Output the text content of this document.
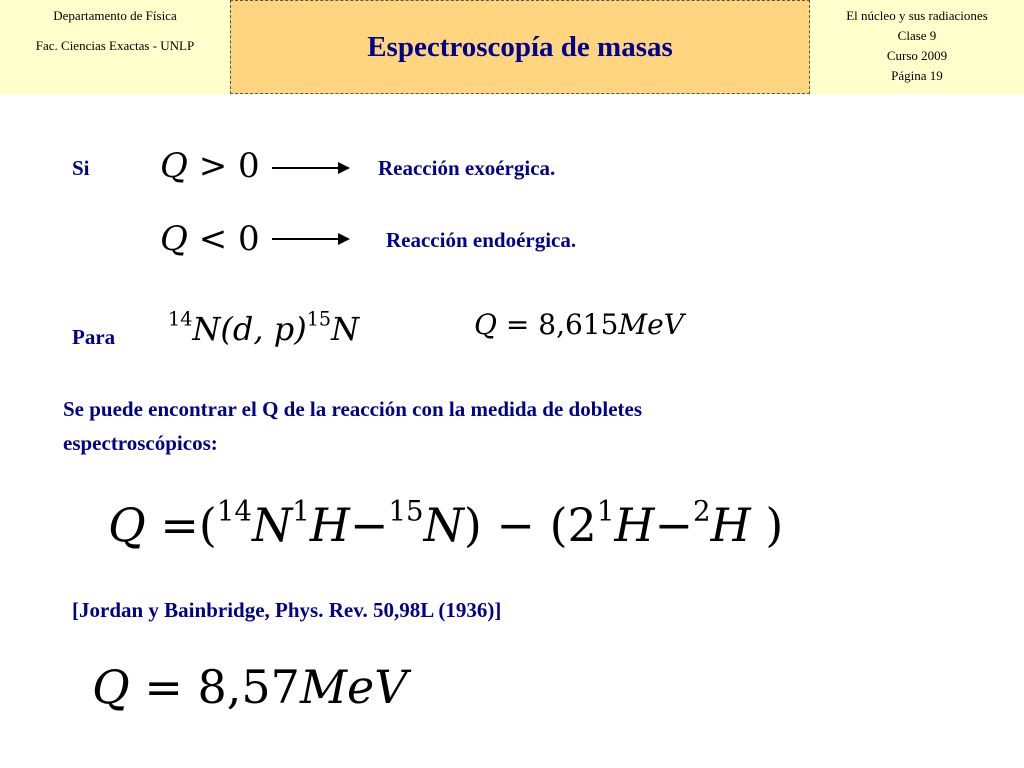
Departamento de Física
Fac. Ciencias Exactas - UNLP	Espectroscopía de masas
El núcleo y sus radiaciones
Clase 9
Curso 2009
Página 19
Si Q > 0	Reacción exoérgica.
Q < 0	Reacción endoérgica.
Para
$^{14}$N(d, p)$^{15}$N	Q = 8,615MeV
Se puede encontrar el Q de la reacción con la medida de dobletes
espectroscópicos:
$Q =(^{14}N^1H-^{15}N) - (2^1H-^2H$ )
[Jordan y Bainbridge, Phys. Rev. 50,98L (1936)]
Q = 8,57MeV
